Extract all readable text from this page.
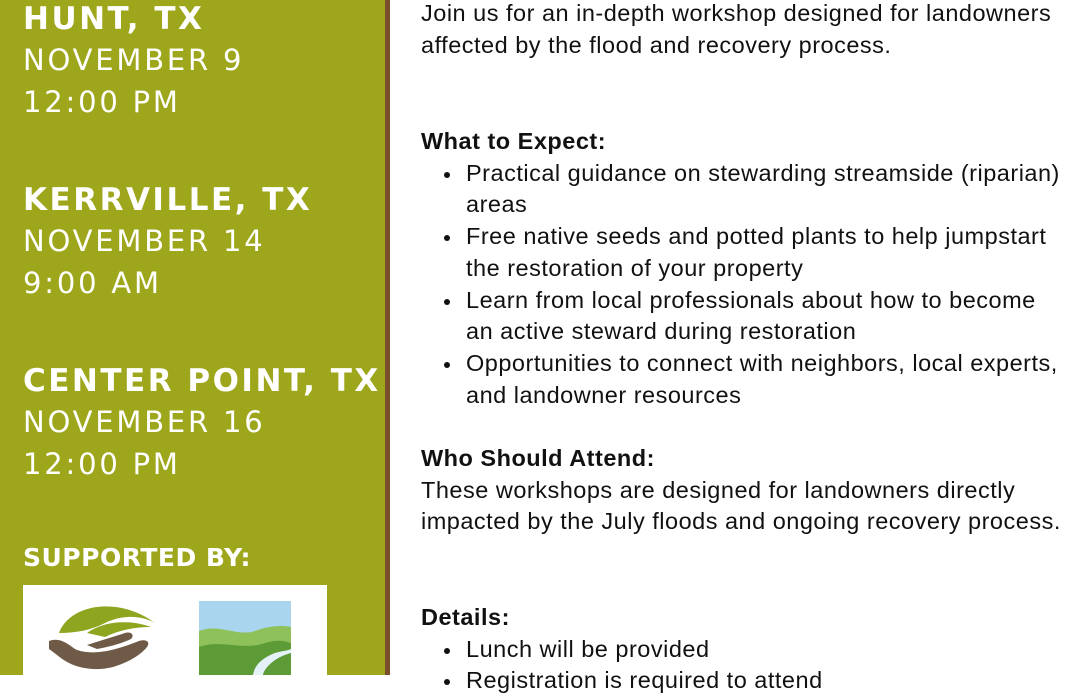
HUNT, TX
NOVEMBER 9
12:00 PM
KERRVILLE, TX
NOVEMBER 14
9:00 AM
CENTER POINT, TX
NOVEMBER 16
12:00 PM
SUPPORTED BY:

Join us for an in-depth workshop designed for landowners affected by the flood and recovery process.

What to Expect:
Practical guidance on stewarding streamside (riparian) areas
Free native seeds and potted plants to help jumpstart the restoration of your property
Learn from local professionals about how to become an active steward during restoration
Opportunities to connect with neighbors, local experts, and landowner resources
Who Should Attend:

These workshops are designed for landowners directly impacted by the July floods and ongoing recovery process.

Details:
Lunch will be provided
Registration is required to attend
